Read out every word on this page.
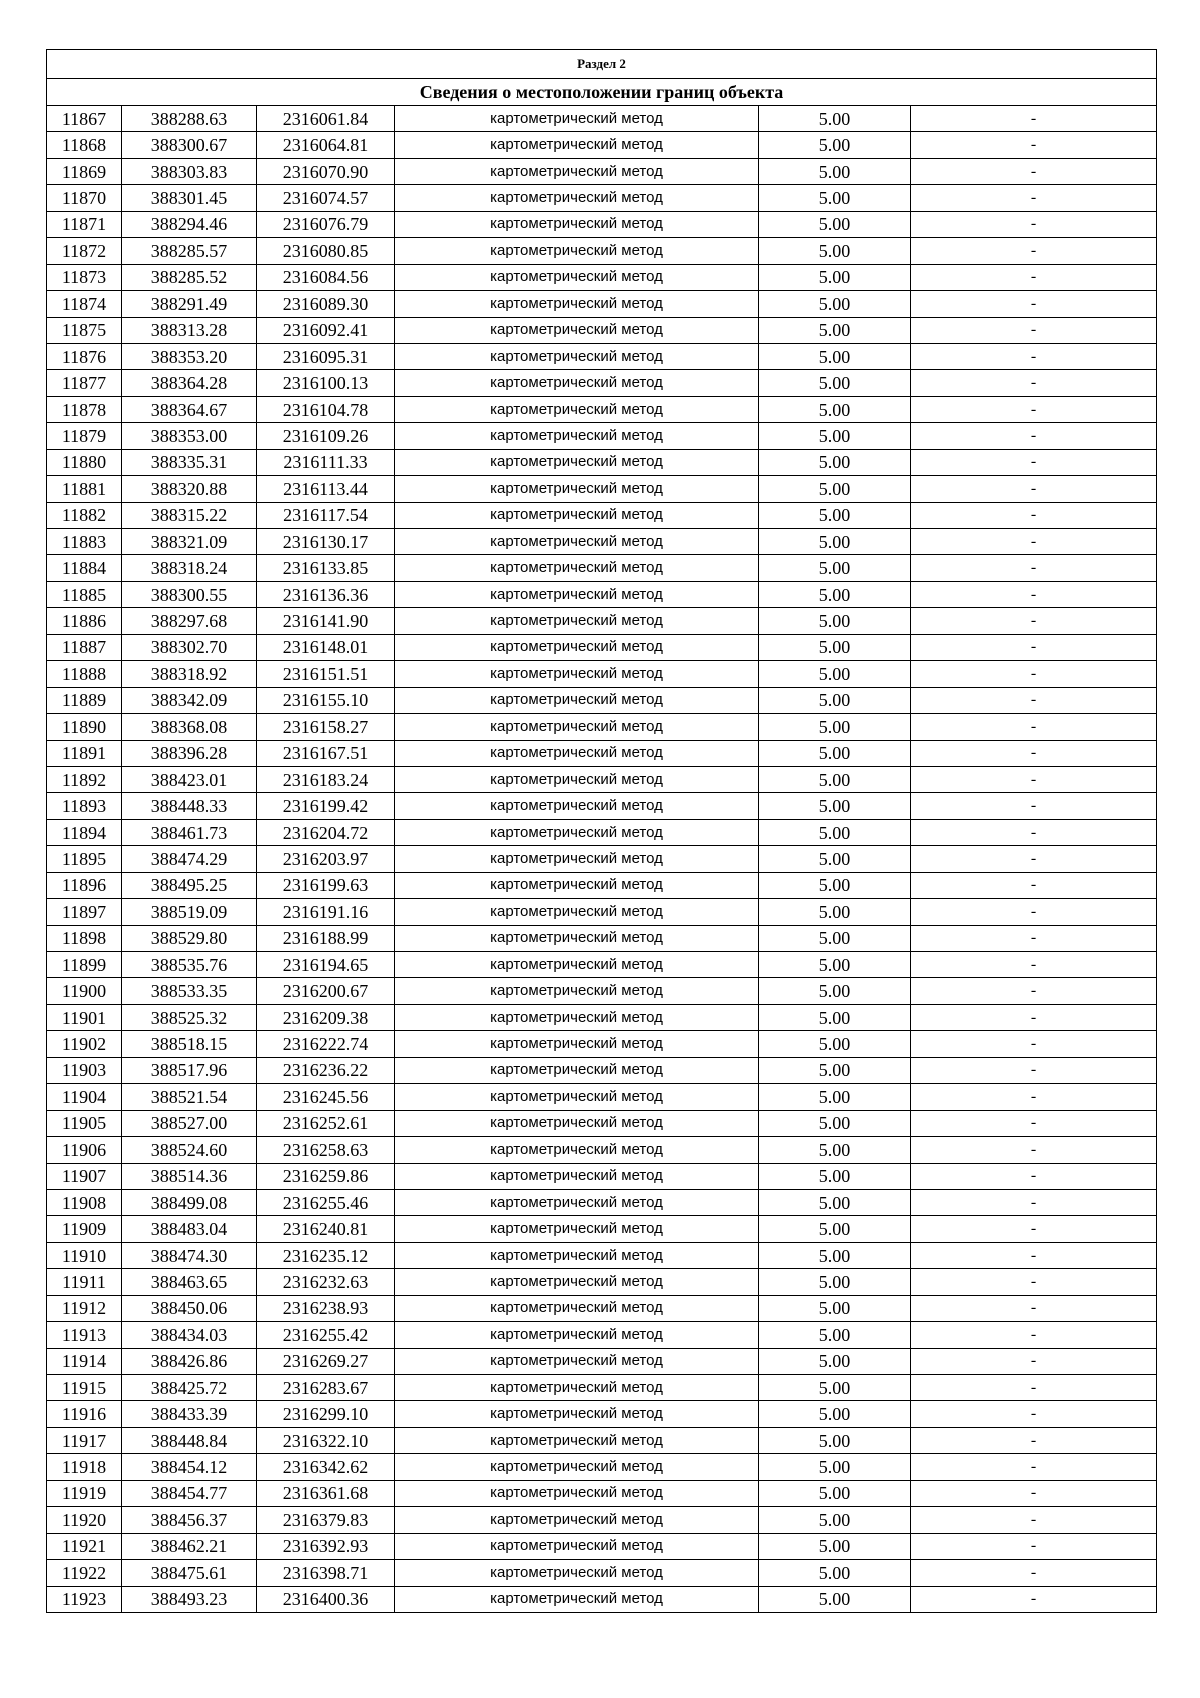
Раздел 2					
Сведения о местоположении границ объекта					
11867	388288.63	2316061.84	картометрический метод	5.00	-
11868	388300.67	2316064.81	картометрический метод	5.00	-
11869	388303.83	2316070.90	картометрический метод	5.00	-
11870	388301.45	2316074.57	картометрический метод	5.00	-
11871	388294.46	2316076.79	картометрический метод	5.00	-
11872	388285.57	2316080.85	картометрический метод	5.00	-
11873	388285.52	2316084.56	картометрический метод	5.00	-
11874	388291.49	2316089.30	картометрический метод	5.00	-
11875	388313.28	2316092.41	картометрический метод	5.00	-
11876	388353.20	2316095.31	картометрический метод	5.00	-
11877	388364.28	2316100.13	картометрический метод	5.00	-
11878	388364.67	2316104.78	картометрический метод	5.00	-
11879	388353.00	2316109.26	картометрический метод	5.00	-
11880	388335.31	2316111.33	картометрический метод	5.00	-
11881	388320.88	2316113.44	картометрический метод	5.00	-
11882	388315.22	2316117.54	картометрический метод	5.00	-
11883	388321.09	2316130.17	картометрический метод	5.00	-
11884	388318.24	2316133.85	картометрический метод	5.00	-
11885	388300.55	2316136.36	картометрический метод	5.00	-
11886	388297.68	2316141.90	картометрический метод	5.00	-
11887	388302.70	2316148.01	картометрический метод	5.00	-
11888	388318.92	2316151.51	картометрический метод	5.00	-
11889	388342.09	2316155.10	картометрический метод	5.00	-
11890	388368.08	2316158.27	картометрический метод	5.00	-
11891	388396.28	2316167.51	картометрический метод	5.00	-
11892	388423.01	2316183.24	картометрический метод	5.00	-
11893	388448.33	2316199.42	картометрический метод	5.00	-
11894	388461.73	2316204.72	картометрический метод	5.00	-
11895	388474.29	2316203.97	картометрический метод	5.00	-
11896	388495.25	2316199.63	картометрический метод	5.00	-
11897	388519.09	2316191.16	картометрический метод	5.00	-
11898	388529.80	2316188.99	картометрический метод	5.00	-
11899	388535.76	2316194.65	картометрический метод	5.00	-
11900	388533.35	2316200.67	картометрический метод	5.00	-
11901	388525.32	2316209.38	картометрический метод	5.00	-
11902	388518.15	2316222.74	картометрический метод	5.00	-
11903	388517.96	2316236.22	картометрический метод	5.00	-
11904	388521.54	2316245.56	картометрический метод	5.00	-
11905	388527.00	2316252.61	картометрический метод	5.00	-
11906	388524.60	2316258.63	картометрический метод	5.00	-
11907	388514.36	2316259.86	картометрический метод	5.00	-
11908	388499.08	2316255.46	картометрический метод	5.00	-
11909	388483.04	2316240.81	картометрический метод	5.00	-
11910	388474.30	2316235.12	картометрический метод	5.00	-
11911	388463.65	2316232.63	картометрический метод	5.00	-
11912	388450.06	2316238.93	картометрический метод	5.00	-
11913	388434.03	2316255.42	картометрический метод	5.00	-
11914	388426.86	2316269.27	картометрический метод	5.00	-
11915	388425.72	2316283.67	картометрический метод	5.00	-
11916	388433.39	2316299.10	картометрический метод	5.00	-
11917	388448.84	2316322.10	картометрический метод	5.00	-
11918	388454.12	2316342.62	картометрический метод	5.00	-
11919	388454.77	2316361.68	картометрический метод	5.00	-
11920	388456.37	2316379.83	картометрический метод	5.00	-
11921	388462.21	2316392.93	картометрический метод	5.00	-
11922	388475.61	2316398.71	картометрический метод	5.00	-
11923	388493.23	2316400.36	картометрический метод	5.00	-
